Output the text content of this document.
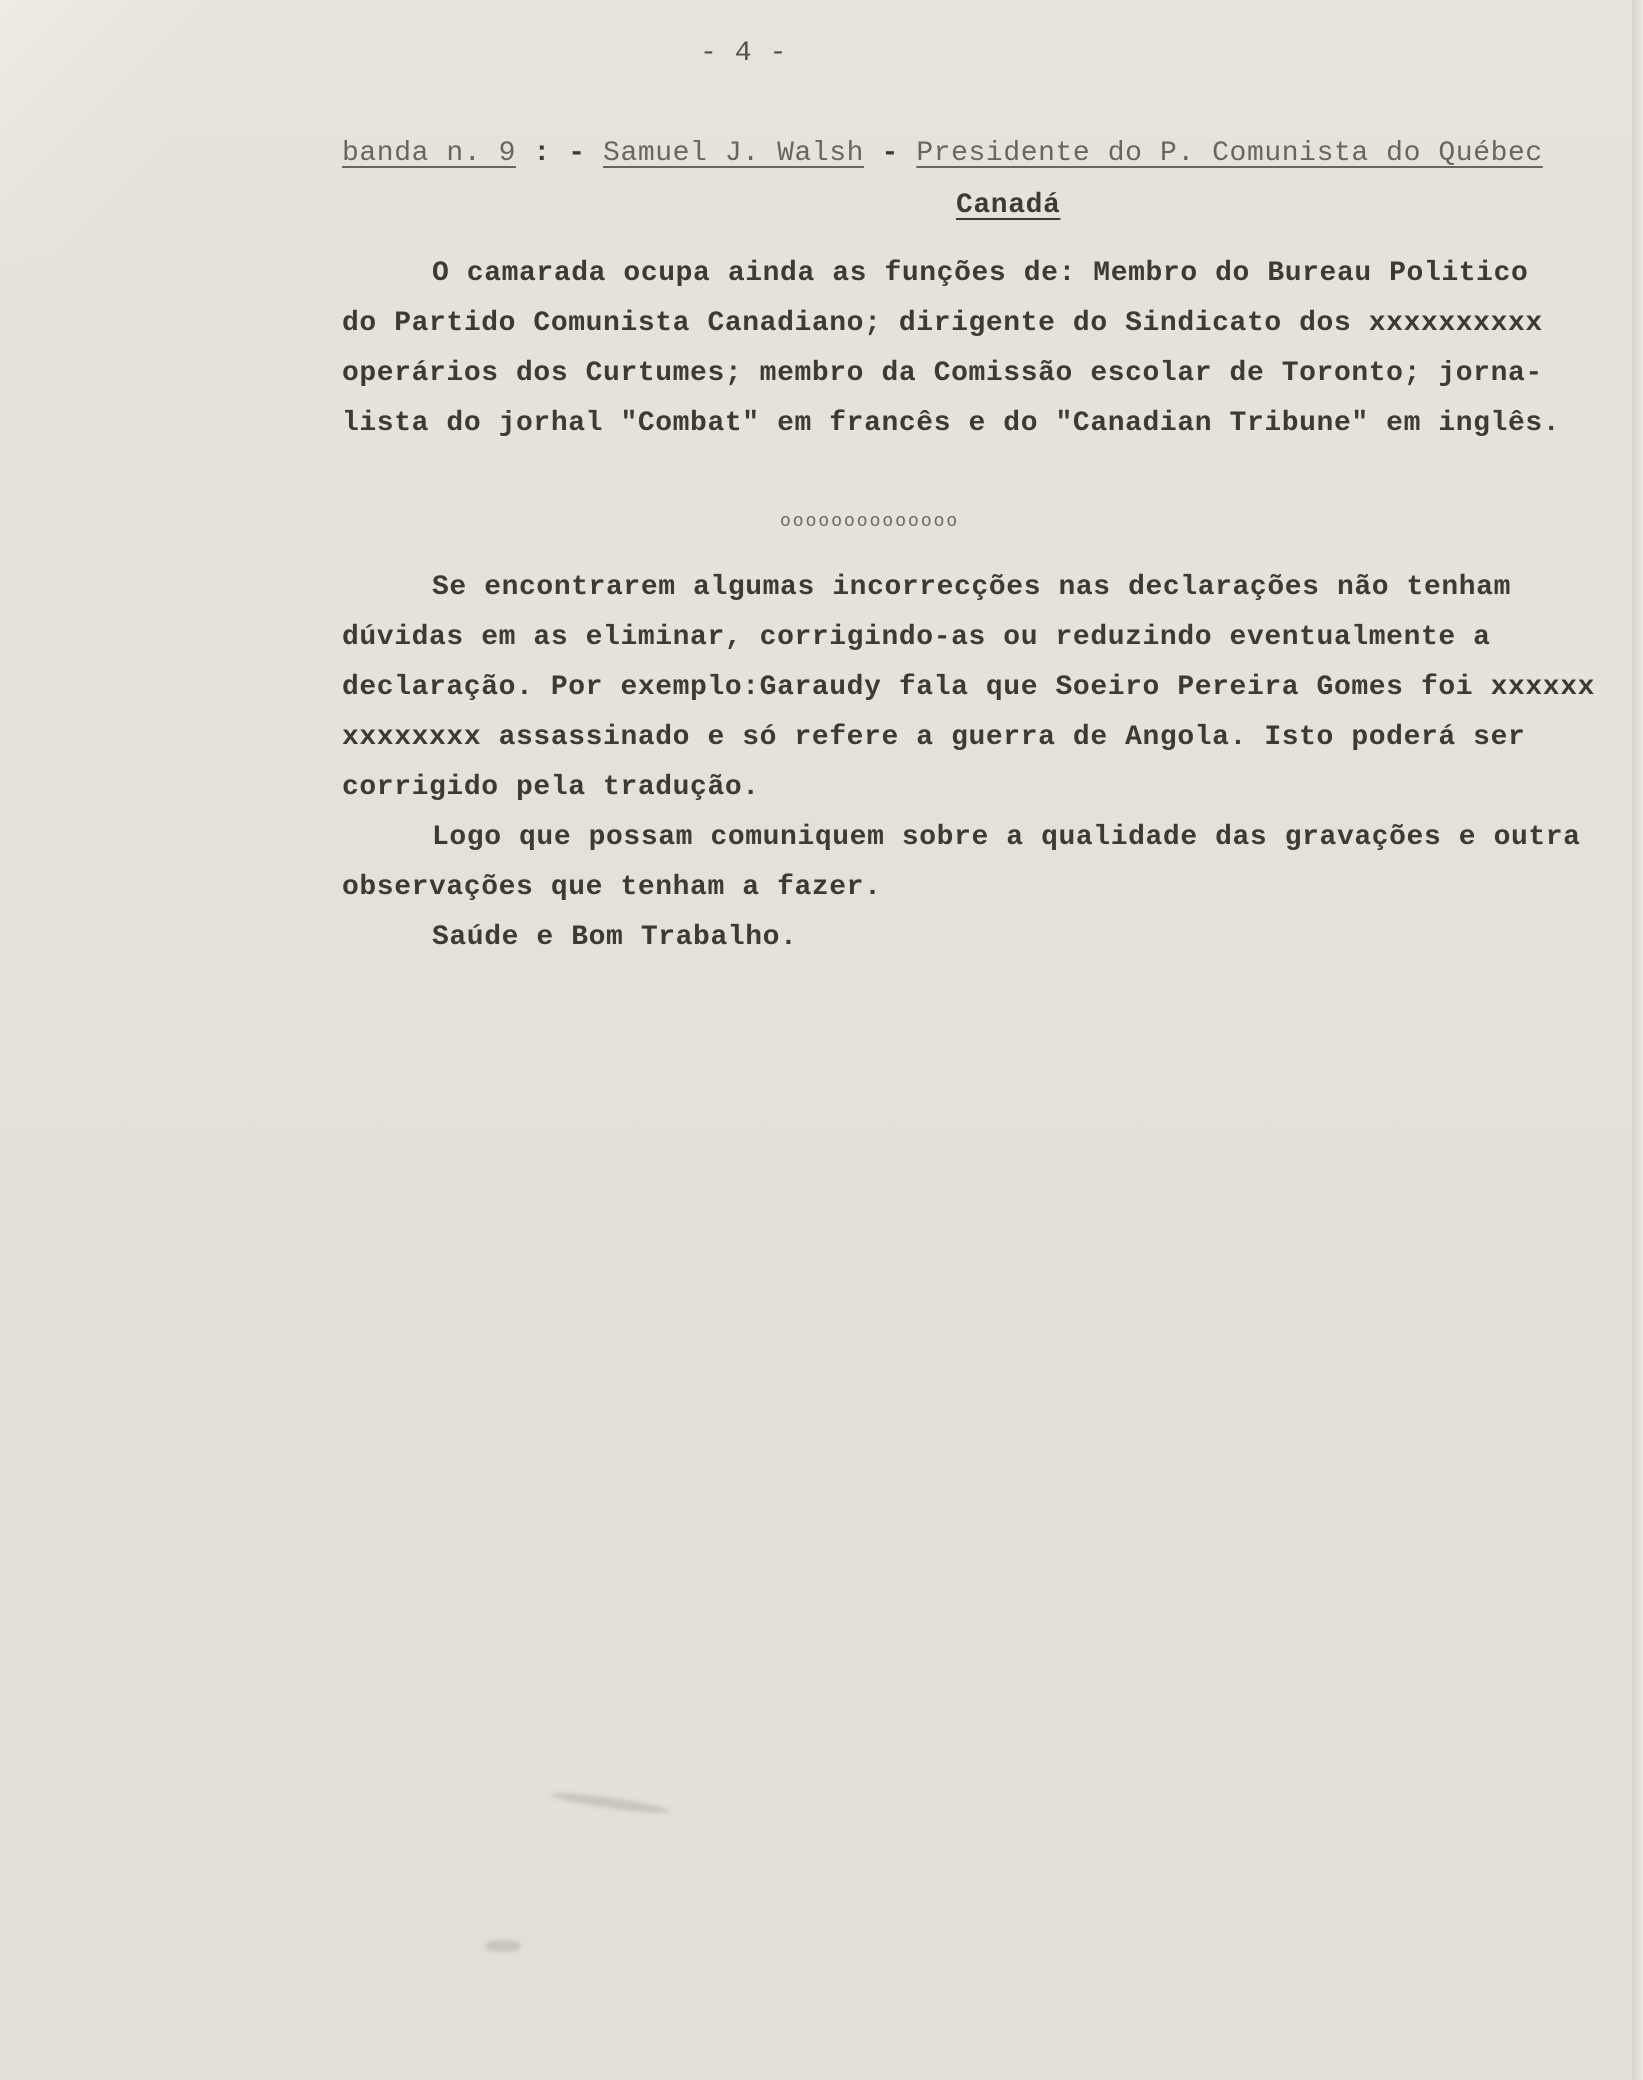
- 4 -
banda n. 9 : - Samuel J. Walsh - Presidente do P. Comunista do Québec
Canadá
O camarada ocupa ainda as funções de: Membro do Bureau Politico
do Partido Comunista Canadiano; dirigente do Sindicato dos xxxxxxxxxx
operários dos Curtumes; membro da Comissão escolar de Toronto; jorna-
lista do jorhal "Combat" em francês e do "Canadian Tribune" em inglês.
oooooooooooooo
Se encontrarem algumas incorrecções nas declarações não tenham
dúvidas em as eliminar, corrigindo-as ou reduzindo eventualmente a
declaração. Por exemplo:Garaudy fala que Soeiro Pereira Gomes foi xxxxxx
xxxxxxxx assassinado e só refere a guerra de Angola. Isto poderá ser
corrigido pela tradução.
Logo que possam comuniquem sobre a qualidade das gravações e outra
observações que tenham a fazer.
Saúde e Bom Trabalho.
